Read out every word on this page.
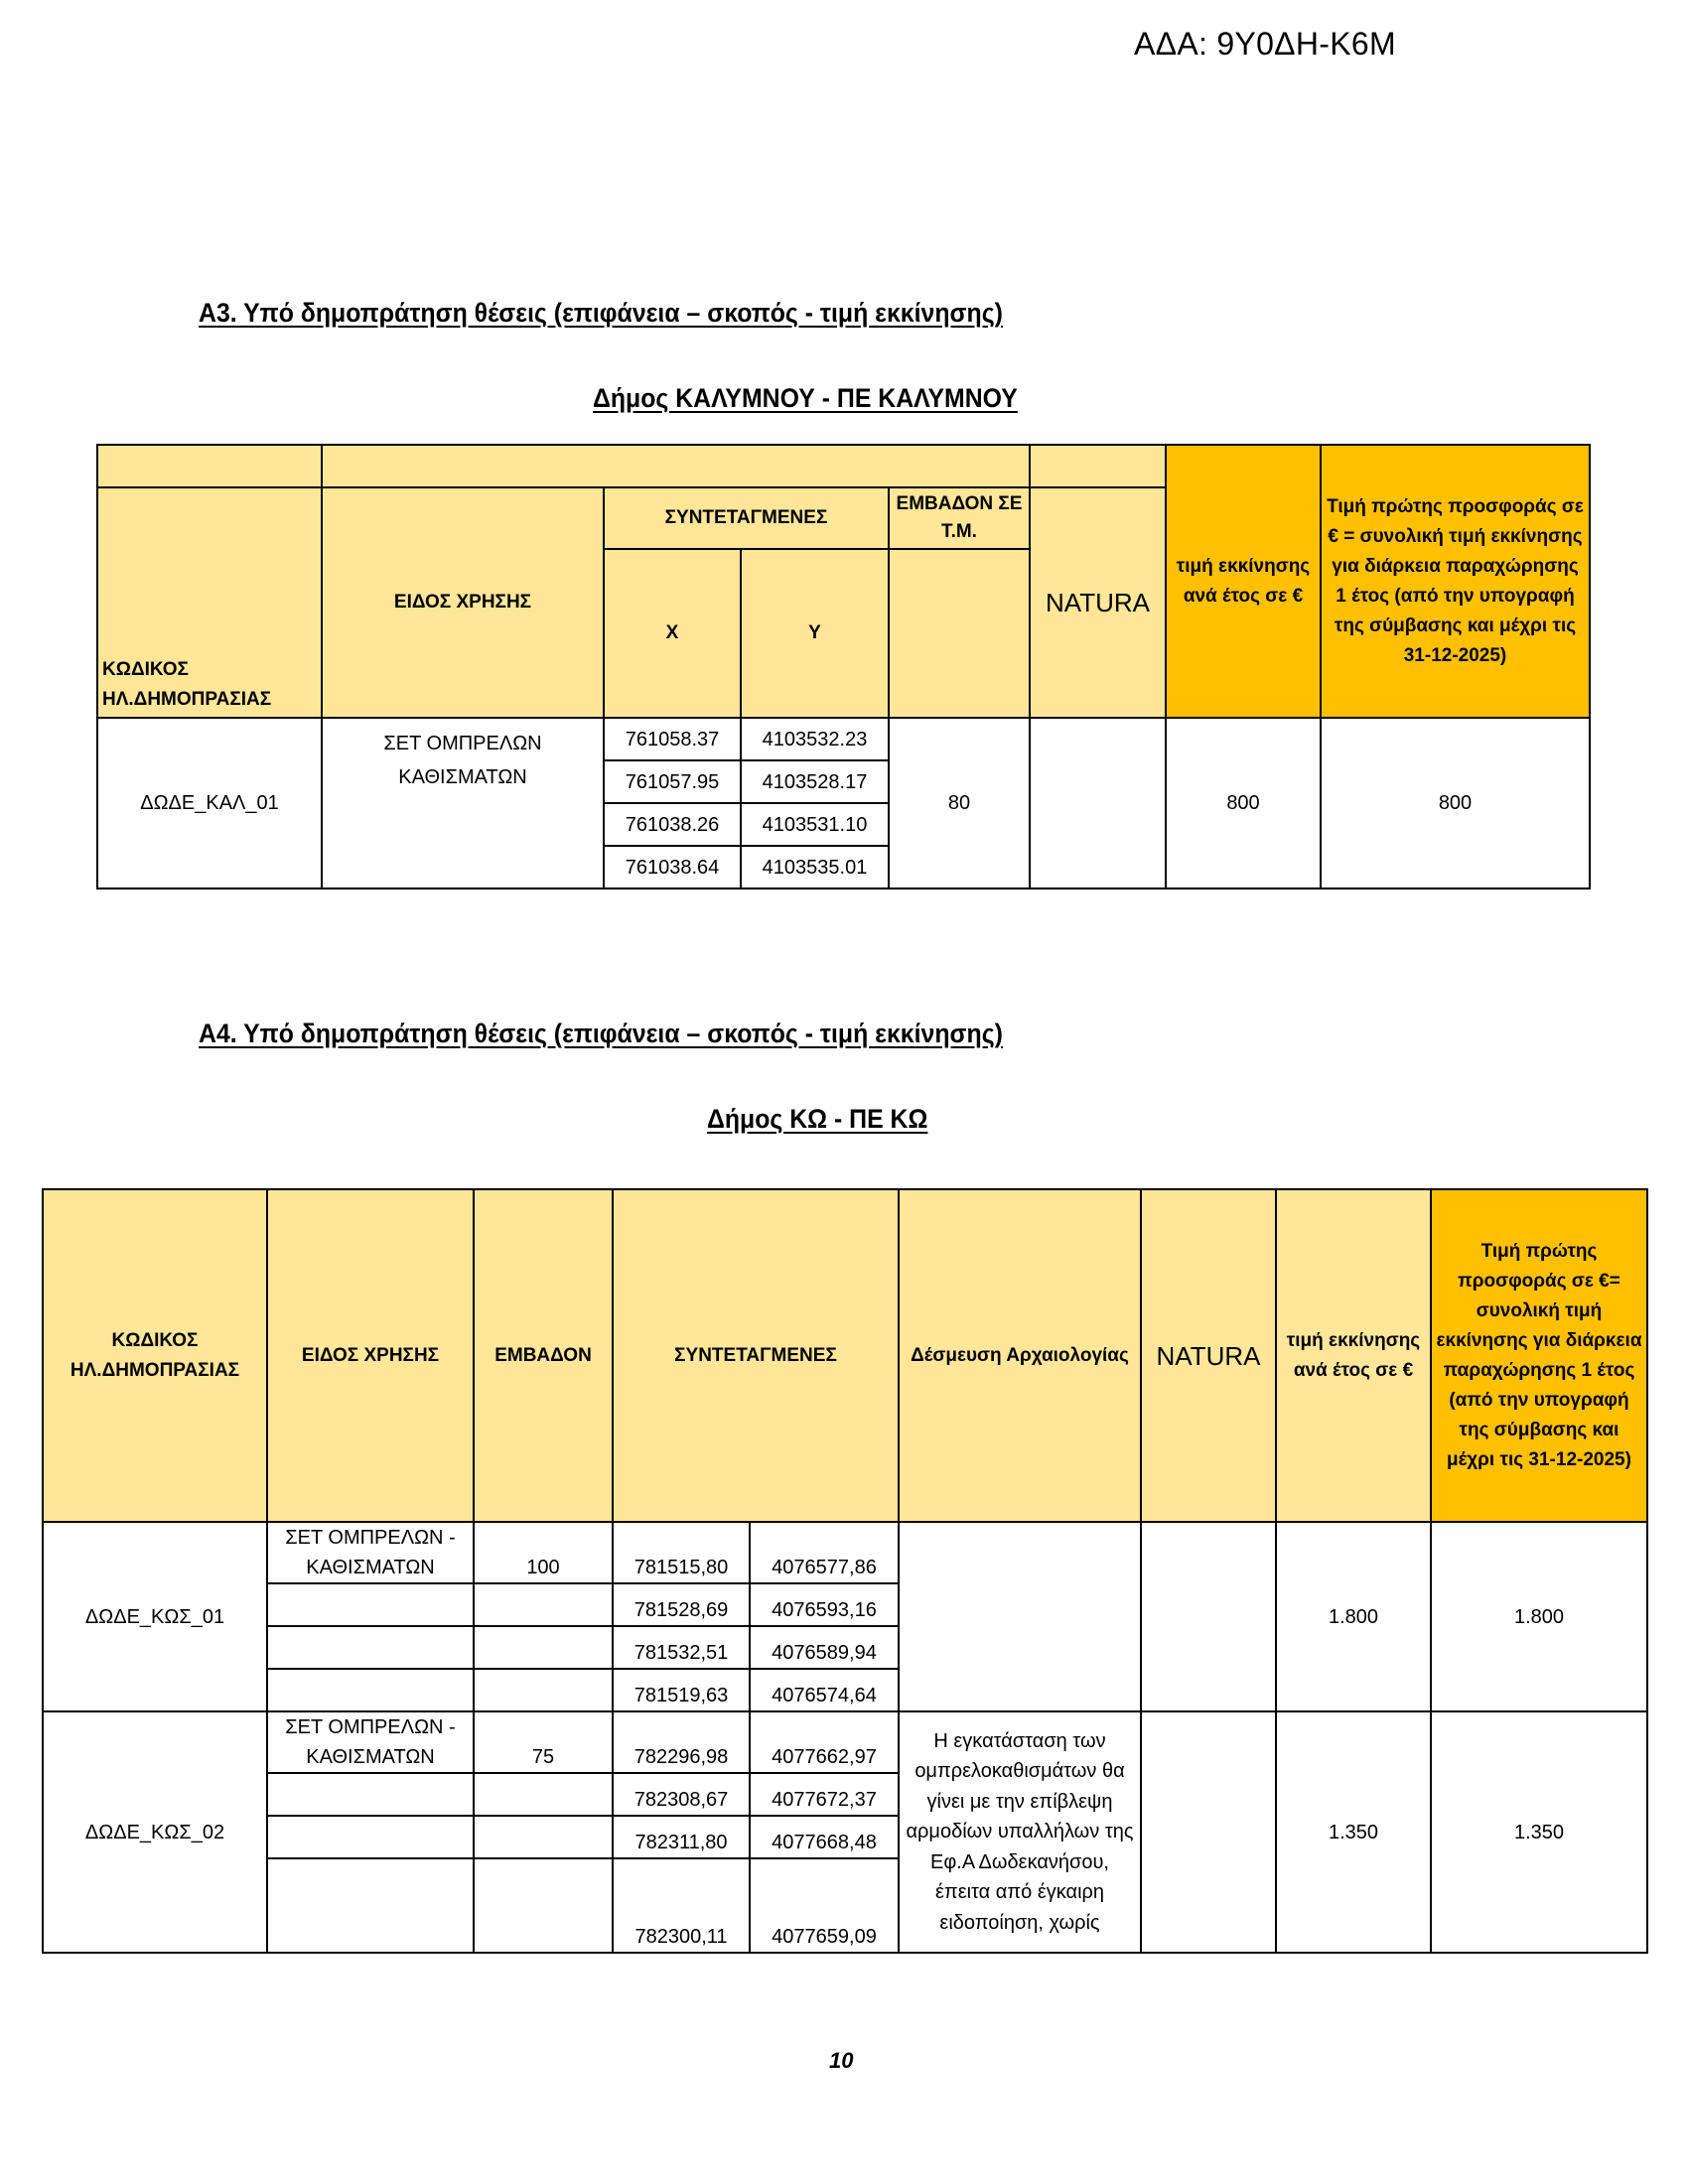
ΑΔΑ: 9Υ0ΔΗ-Κ6Μ
Α3. Υπό δημοπράτηση θέσεις (επιφάνεια – σκοπός - τιμή εκκίνησης)
Δήμος ΚΑΛΥΜΝΟΥ - ΠΕ ΚΑΛΥΜΝΟΥ
						τιμή εκκίνησης ανά έτος σε €	Τιμή πρώτης προσφοράς σε € = συνολική τιμή εκκίνησης για διάρκεια παραχώρησης 1 έτος (από την υπογραφή της σύμβασης και μέχρι τις 31-12-2025)
ΚΩΔΙΚΟΣ ΗΛ.ΔΗΜΟΠΡΑΣΙΑΣ	ΕΙΔΟΣ ΧΡΗΣΗΣ	ΣΥΝΤΕΤΑΓΜΕΝΕΣ		ΕΜΒΑΔΟΝ ΣΕ Τ.Μ.	NATURA		
		Χ	Υ				
ΔΩΔΕ_ΚΑΛ_01	ΣΕΤ ΟΜΠΡΕΛΩΝ ΚΑΘΙΣΜΑΤΩΝ	761058.37	4103532.23	80		800	800
		761057.95	4103528.17				
		761038.26	4103531.10				
		761038.64	4103535.01				
Α4. Υπό δημοπράτηση θέσεις (επιφάνεια – σκοπός - τιμή εκκίνησης)
Δήμος ΚΩ - ΠΕ ΚΩ
ΚΩΔΙΚΟΣ ΗΛ.ΔΗΜΟΠΡΑΣΙΑΣ	ΕΙΔΟΣ ΧΡΗΣΗΣ	ΕΜΒΑΔΟΝ	ΣΥΝΤΕΤΑΓΜΕΝΕΣ		Δέσμευση Αρχαιολογίας	NATURA	τιμή εκκίνησης ανά έτος σε €	Τιμή πρώτης προσφοράς σε €= συνολική τιμή εκκίνησης για διάρκεια παραχώρησης 1 έτος (από την υπογραφή της σύμβασης και μέχρι τις 31-12-2025)
ΔΩΔΕ_ΚΩΣ_01	ΣΕΤ ΟΜΠΡΕΛΩΝ - ΚΑΘΙΣΜΑΤΩΝ	100	781515,80	4076577,86			1.800	1.800
			781528,69	4076593,16				
			781532,51	4076589,94				
			781519,63	4076574,64				
ΔΩΔΕ_ΚΩΣ_02	ΣΕΤ ΟΜΠΡΕΛΩΝ - ΚΑΘΙΣΜΑΤΩΝ	75	782296,98	4077662,97	Η εγκατάσταση των ομπρελοκαθισμάτων θα γίνει με την επίβλεψη αρμοδίων υπαλλήλων της Εφ.Α Δωδεκανήσου, έπειτα από έγκαιρη ειδοποίηση, χωρίς		1.350	1.350
			782308,67	4077672,37				
			782311,80	4077668,48				
			782300,11	4077659,09				
10
